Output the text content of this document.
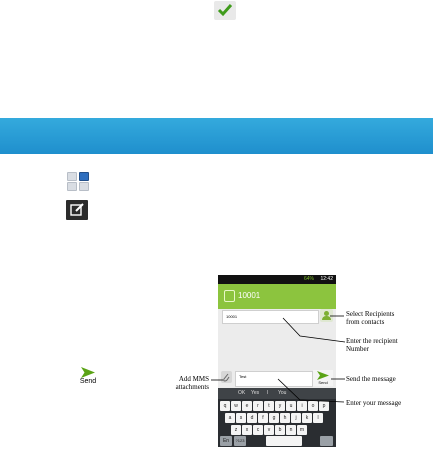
64% 12:42
10001
10001
Test
Send
OK Yes I You
q	w	e	r	t	y	u	i	o	p
a	s	d	f	g	h	j	k	l
z	x	c	v	b	n	m
En	?123
Send
Select Recipients
from contacts
Enter the recipient
Number
Send the message
Enter your message
Add MMS
attachments
